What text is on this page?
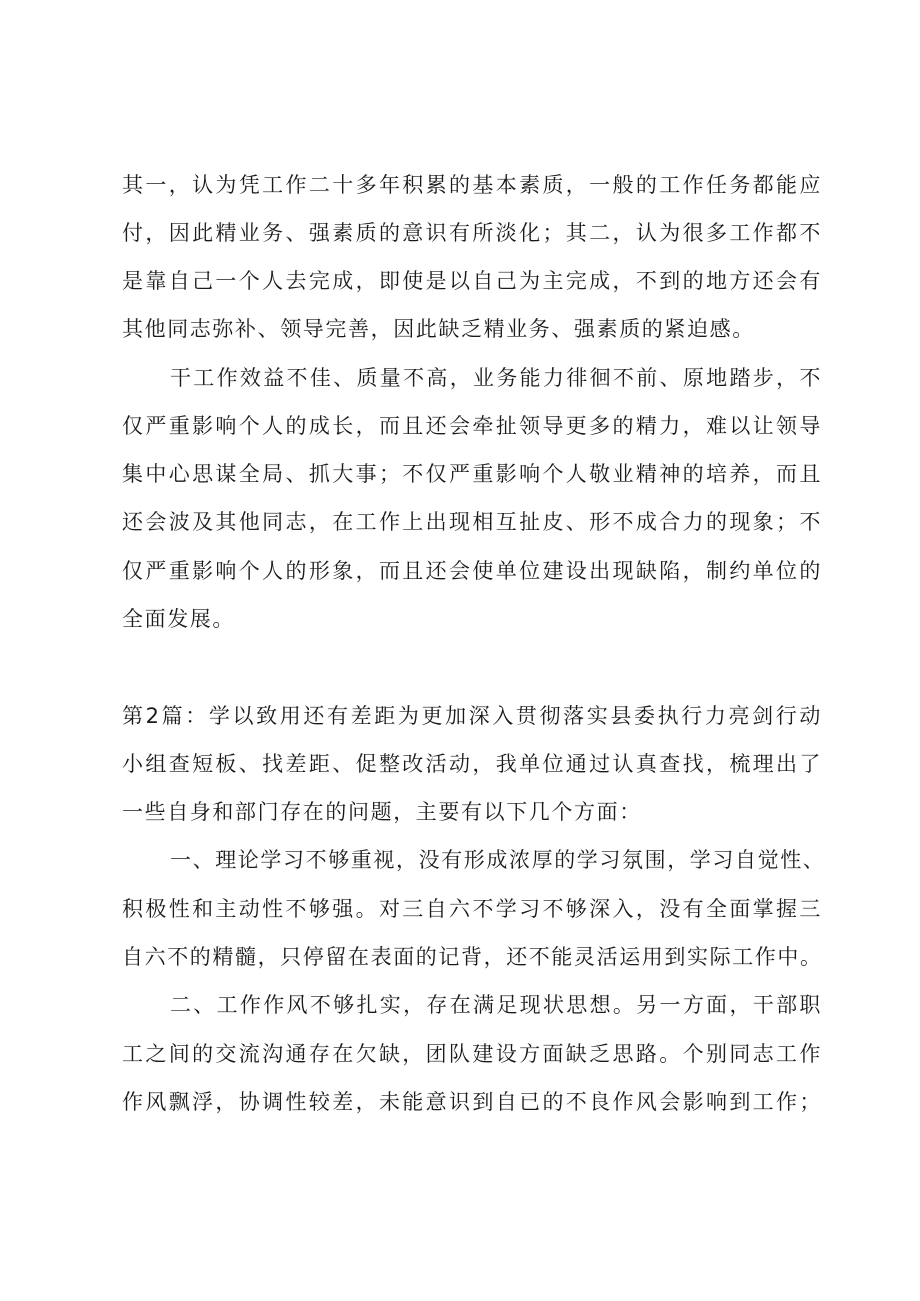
其一，认为凭工作二十多年积累的基本素质，一般的工作任务都能应
付，因此精业务、强素质的意识有所淡化；其二，认为很多工作都不
是靠自己一个人去完成，即使是以自己为主完成，不到的地方还会有
其他同志弥补、领导完善，因此缺乏精业务、强素质的紧迫感。
干工作效益不佳、质量不高，业务能力徘徊不前、原地踏步，不
仅严重影响个人的成长，而且还会牵扯领导更多的精力，难以让领导
集中心思谋全局、抓大事；不仅严重影响个人敬业精神的培养，而且
还会波及其他同志，在工作上出现相互扯皮、形不成合力的现象；不
仅严重影响个人的形象，而且还会使单位建设出现缺陷，制约单位的
全面发展。
第2篇：学以致用还有差距为更加深入贯彻落实县委执行力亮剑行动
小组查短板、找差距、促整改活动，我单位通过认真查找，梳理出了
一些自身和部门存在的问题，主要有以下几个方面：
一、理论学习不够重视，没有形成浓厚的学习氛围，学习自觉性、
积极性和主动性不够强。对三自六不学习不够深入，没有全面掌握三
自六不的精髓，只停留在表面的记背，还不能灵活运用到实际工作中。
二、工作作风不够扎实，存在满足现状思想。另一方面，干部职
工之间的交流沟通存在欠缺，团队建设方面缺乏思路。个别同志工作
作风飘浮，协调性较差，未能意识到自已的不良作风会影响到工作；
